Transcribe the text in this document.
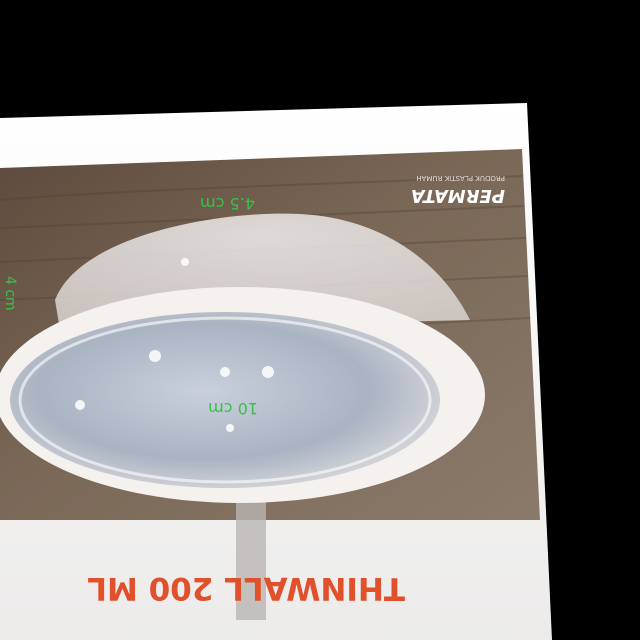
PERMATA
PRODUK PLASTIK RUMAH
4.5 cm
10 cm
4 cm
THINWALL 200 ML
